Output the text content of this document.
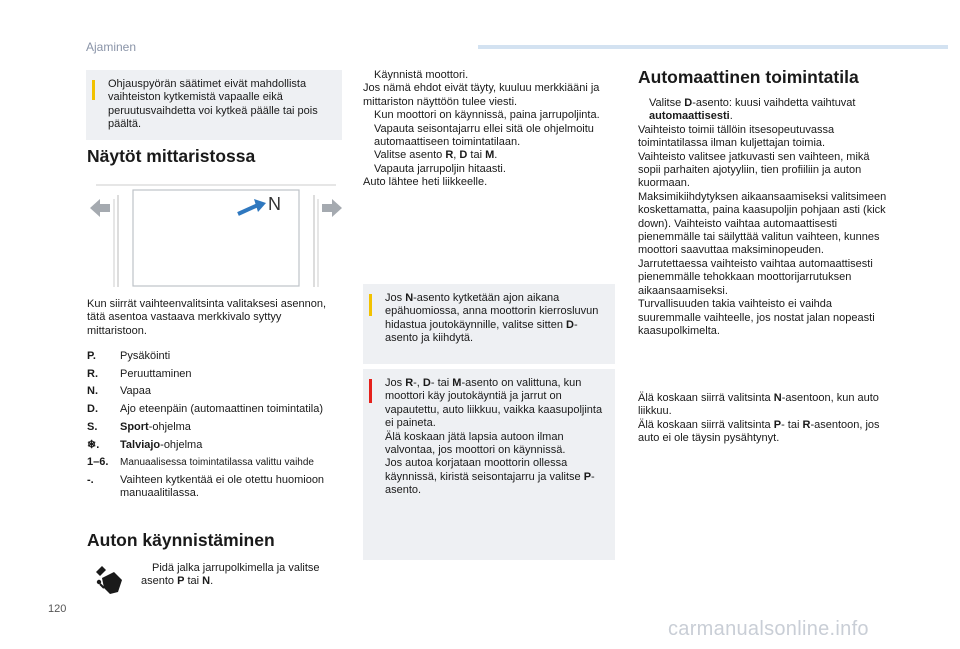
Ajaminen
Ohjauspyörän säätimet eivät mahdollista vaihteiston kytkemistä vapaalle eikä peruutusvaihdetta voi kytkeä päälle tai pois päältä.
Näytöt mittaristossa
N
Kun siirrät vaihteenvalitsinta valitaksesi asennon, tätä asentoa vastaava merkkivalo syttyy mittaristoon.
P.	Pysäköinti
R.	Peruuttaminen
N.	Vapaa
D.	Ajo eteenpäin (automaattinen toimintatila)
S.	Sport-ohjelma
❄.	Talviajo-ohjelma
1–6.	Manuaalisessa toimintatilassa valittu vaihde
-.	Vaihteen kytkentää ei ole otettu huomioon manuaalitilassa.
Auton käynnistäminen
Pidä jalka jarrupolkimella ja valitse asento P tai N.
Käynnistä moottori.
Jos nämä ehdot eivät täyty, kuuluu merkkiääni ja mittariston näyttöön tulee viesti.
Kun moottori on käynnissä, paina jarrupoljinta.
Vapauta seisontajarru ellei sitä ole ohjelmoitu automaattiseen toimintatilaan.
Valitse asento R, D tai M.
Vapauta jarrupoljin hitaasti.
Auto lähtee heti liikkeelle.
Jos N-asento kytketään ajon aikana epähuomiossa, anna moottorin kierrosluvun hidastua joutokäynnille, valitse sitten D-asento ja kiihdytä.
Jos R-, D- tai M-asento on valittuna, kun moottori käy joutokäyntiä ja jarrut on vapautettu, auto liikkuu, vaikka kaasupoljinta ei paineta.
Älä koskaan jätä lapsia autoon ilman valvontaa, jos moottori on käynnissä.
Jos autoa korjataan moottorin ollessa käynnissä, kiristä seisontajarru ja valitse P-asento.
Automaattinen toimintatila
Valitse D-asento: kuusi vaihdetta vaihtuvat automaattisesti.
Vaihteisto toimii tällöin itsesopeutuvassa toimintatilassa ilman kuljettajan toimia.
Vaihteisto valitsee jatkuvasti sen vaihteen, mikä sopii parhaiten ajotyyliin, tien profiiliin ja auton kuormaan.
Maksimikiihdytyksen aikaansaamiseksi valitsimeen koskettamatta, paina kaasupoljin pohjaan asti (kick down). Vaihteisto vaihtaa automaattisesti pienemmälle tai säilyttää valitun vaihteen, kunnes moottori saavuttaa maksiminopeuden.
Jarrutettaessa vaihteisto vaihtaa automaattisesti pienemmälle tehokkaan moottorijarrutuksen aikaansaamiseksi.
Turvallisuuden takia vaihteisto ei vaihda suuremmalle vaihteelle, jos nostat jalan nopeasti kaasupolkimelta.
Älä koskaan siirrä valitsinta N-asentoon, kun auto liikkuu.
Älä koskaan siirrä valitsinta P- tai R-asentoon, jos auto ei ole täysin pysähtynyt.
120
carmanualsonline.info
